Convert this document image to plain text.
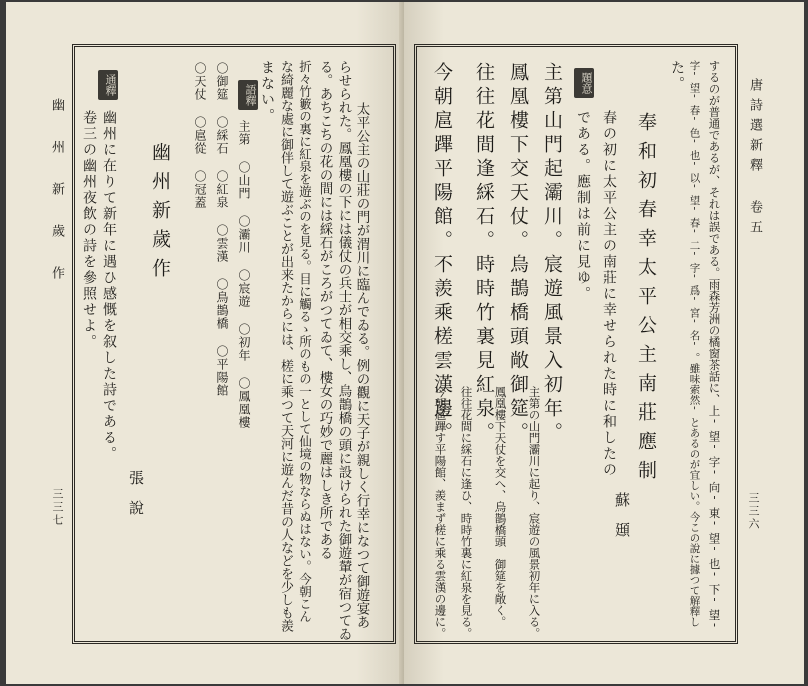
三三七
幽 州 新 歲 作	太平公主の山莊の門が渭川に臨んでゐる。例の觀に天子が親しく行幸になつて御遊宴あ
らせられた。鳳凰樓の下には儀仗の兵士が相交乘し、烏鵲橋の頭に設けられた御遊輦が宿つてゐ
る。あちこちの花の間には綵石がころがつてゐて、樓女の巧妙で麗はしき所である
折々竹籔の裏に紅泉を遊ぶのを見る。目に觸るゝ所のもの一として仙境の物ならぬはない。今朝こん
な綺麗な處に御伴して遊ぶことが出来たからには、槎に乘つて天河に遊んだ昔の人などを少しも羨
まない。
語釋
主第 〇山門 〇灞川 〇宸遊 〇初年 〇鳳凰樓
〇御筵 〇綵石 〇紅泉 〇雲漢 〇鳥鵲橋 〇平陽館
〇天仗 〇扈從 〇冠蓋
幽州新歲作
張　說
通釋
幽州に在りて新年に遇ひ感慨を叙した詩である。
卷三の幽州夜飲の詩を參照せよ。	唐詩選新釋 卷五
三三六
するのが普通であるが、それは誤である。雨森芳洲の橘窗茶話に、上'望'字'向'東'望'也'下'望'
字'望'春'色'也'以'望'春'二'字'爲'宮'名'。雖味索然'とあるのが宜しい。今この說に據つて解釋し
た。
題意
春の初に太平公主の南莊に幸せられた時に和したの
である。應制は前に見ゆ。 奉和初春幸太平公主南莊應制
蘇　頲
主第山門起灞川。宸遊風景入初年。
鳳凰樓下交天仗。烏鵲橋頭敞御筵。
往往花間逢綵石。時時竹裏見紅泉。
今朝扈蹕平陽館。不羨乘槎雲漢邊。
主第の山門灞川に起り、宸遊の風景初年に入る。
鳳凰樓下天仗を交へ、烏鵲橋頭　御筵を敞く。
往往花間に綵石に逢ひ、時時竹裏に紅泉を見る。
今朝扈蹕す平陽館、羨まず槎に乘る雲漢の邊に。
